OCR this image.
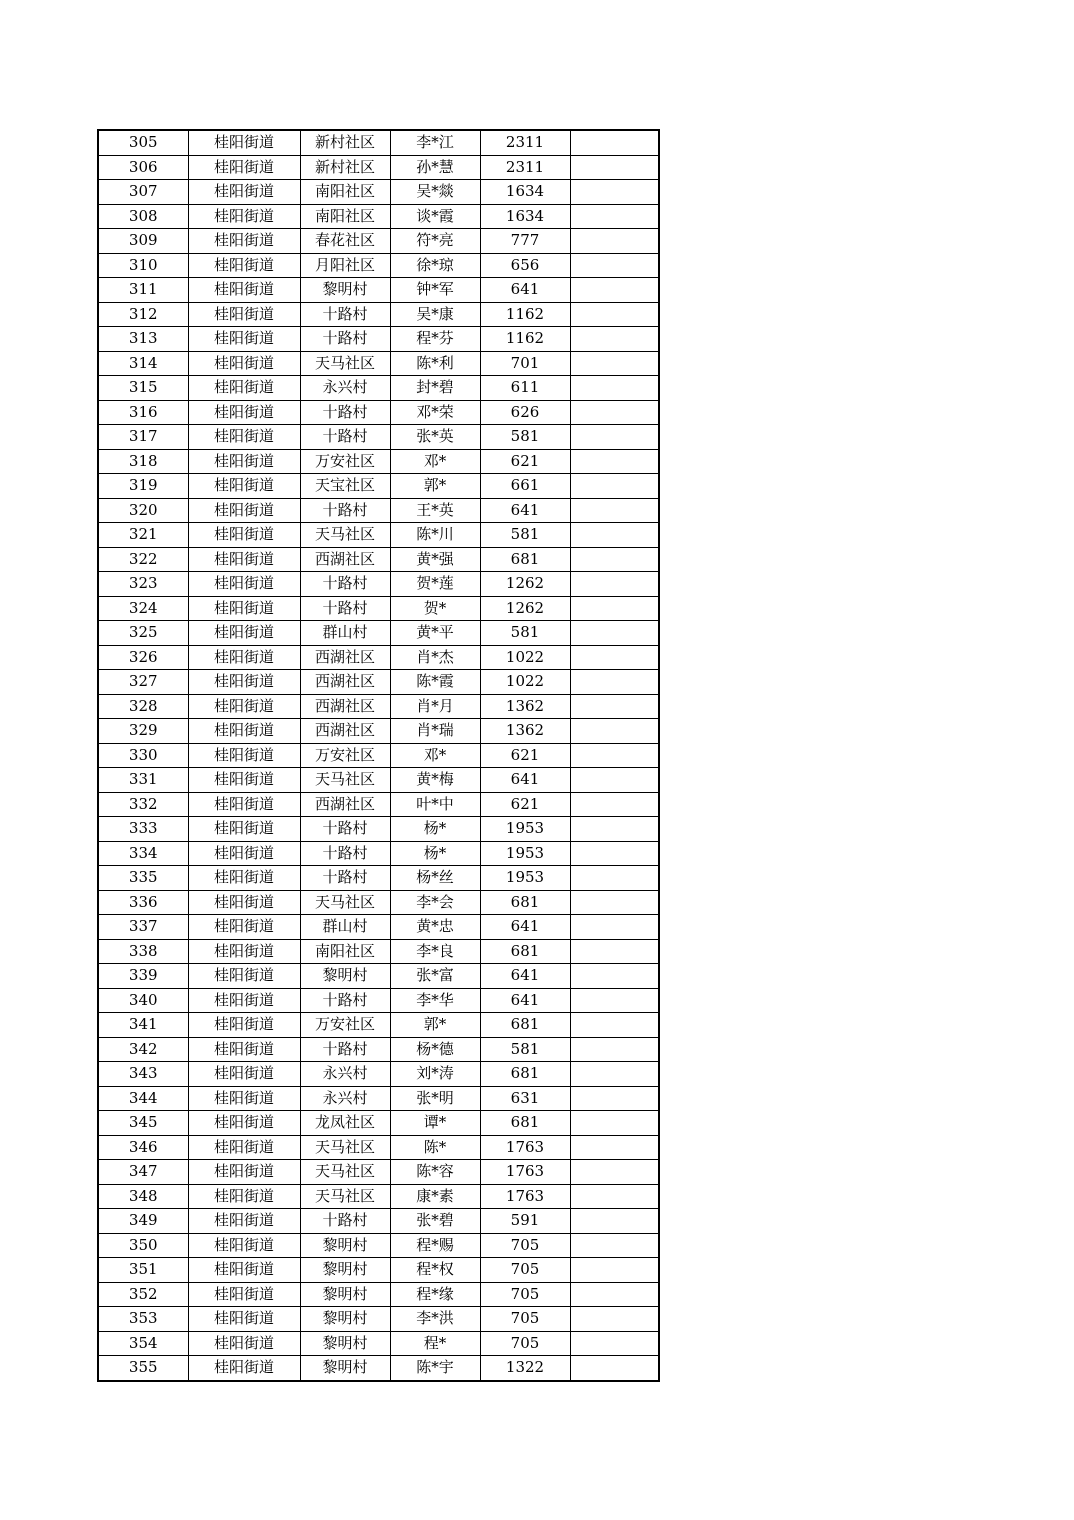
305	桂阳街道	新村社区	李*江	2311	
306	桂阳街道	新村社区	孙*慧	2311	
307	桂阳街道	南阳社区	吴*燚	1634	
308	桂阳街道	南阳社区	谈*霞	1634	
309	桂阳街道	春花社区	符*亮	777	
310	桂阳街道	月阳社区	徐*琼	656	
311	桂阳街道	黎明村	钟*军	641	
312	桂阳街道	十路村	吴*康	1162	
313	桂阳街道	十路村	程*芬	1162	
314	桂阳街道	天马社区	陈*利	701	
315	桂阳街道	永兴村	封*碧	611	
316	桂阳街道	十路村	邓*荣	626	
317	桂阳街道	十路村	张*英	581	
318	桂阳街道	万安社区	邓*	621	
319	桂阳街道	天宝社区	郭*	661	
320	桂阳街道	十路村	王*英	641	
321	桂阳街道	天马社区	陈*川	581	
322	桂阳街道	西湖社区	黄*强	681	
323	桂阳街道	十路村	贺*莲	1262	
324	桂阳街道	十路村	贺*	1262	
325	桂阳街道	群山村	黄*平	581	
326	桂阳街道	西湖社区	肖*杰	1022	
327	桂阳街道	西湖社区	陈*霞	1022	
328	桂阳街道	西湖社区	肖*月	1362	
329	桂阳街道	西湖社区	肖*瑞	1362	
330	桂阳街道	万安社区	邓*	621	
331	桂阳街道	天马社区	黄*梅	641	
332	桂阳街道	西湖社区	叶*中	621	
333	桂阳街道	十路村	杨*	1953	
334	桂阳街道	十路村	杨*	1953	
335	桂阳街道	十路村	杨*丝	1953	
336	桂阳街道	天马社区	李*会	681	
337	桂阳街道	群山村	黄*忠	641	
338	桂阳街道	南阳社区	李*良	681	
339	桂阳街道	黎明村	张*富	641	
340	桂阳街道	十路村	李*华	641	
341	桂阳街道	万安社区	郭*	681	
342	桂阳街道	十路村	杨*德	581	
343	桂阳街道	永兴村	刘*涛	681	
344	桂阳街道	永兴村	张*明	631	
345	桂阳街道	龙凤社区	谭*	681	
346	桂阳街道	天马社区	陈*	1763	
347	桂阳街道	天马社区	陈*容	1763	
348	桂阳街道	天马社区	康*素	1763	
349	桂阳街道	十路村	张*碧	591	
350	桂阳街道	黎明村	程*赐	705	
351	桂阳街道	黎明村	程*权	705	
352	桂阳街道	黎明村	程*缘	705	
353	桂阳街道	黎明村	李*洪	705	
354	桂阳街道	黎明村	程*	705	
355	桂阳街道	黎明村	陈*宇	1322	
